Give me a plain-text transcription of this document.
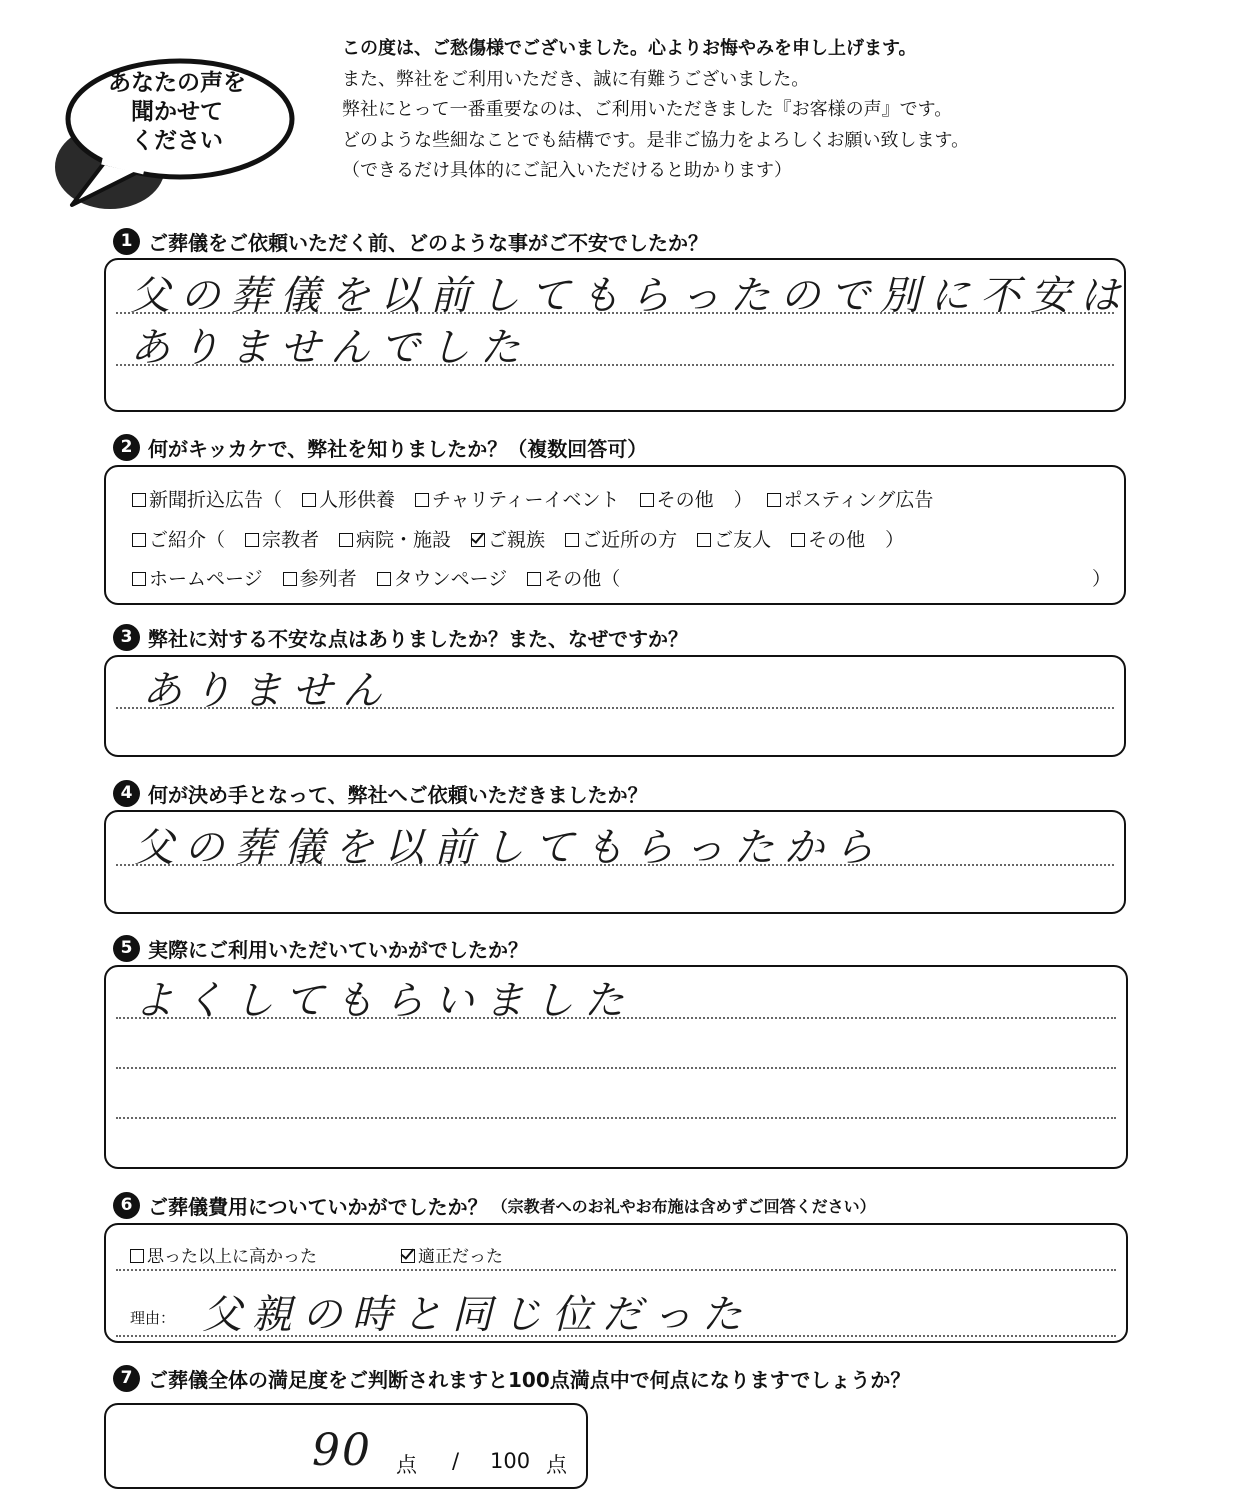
あなたの声を
聞かせて
ください
この度は、ご愁傷様でございました。心よりお悔やみを申し上げます。
また、弊社をご利用いただき、誠に有難うございました。
弊社にとって一番重要なのは、ご利用いただきました『お客様の声』です。
どのような些細なことでも結構です。是非ご協力をよろしくお願い致します。
（できるだけ具体的にご記入いただけると助かります）
1 ご葬儀をご依頼いただく前、どのような事がご不安でしたか？
父の葬儀を以前してもらったので別に不安は
ありませんでした
2 何がキッカケで、弊社を知りましたか？（複数回答可）
新聞折込広告（ 人形供養 チャリティーイベント その他 ） ポスティング広告
ご紹介（ 宗教者 病院・施設 ご親族 ご近所の方 ご友人 その他 ）
ホームページ 参列者 タウンページ その他（	）
3 弊社に対する不安な点はありましたか？また、なぜですか？
ありません
4 何が決め手となって、弊社へご依頼いただきましたか？
父の葬儀を以前してもらったから
5 実際にご利用いただいていかがでしたか？
よくしてもらいました
6 ご葬儀費用についていかがでしたか？ （宗教者へのお礼やお布施は含めずご回答ください）
思った以上に高かった	適正だった
理由： 父親の時と同じ位だった
7 ご葬儀全体の満足度をご判断されますと100点満点中で何点になりますでしょうか？
90 点 / 100 点
